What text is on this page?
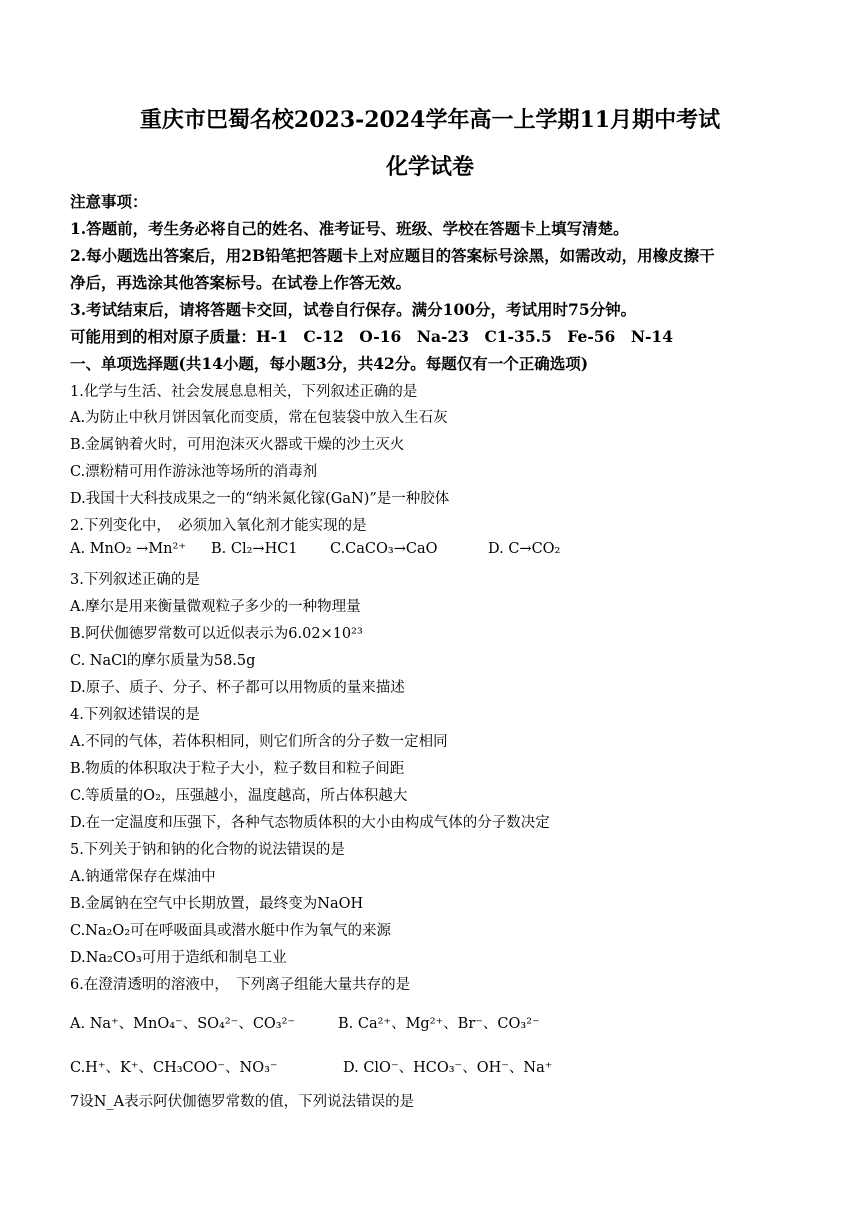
重庆市巴蜀名校2023-2024学年高一上学期11月期中考试
化学试卷
注意事项：
1.答题前，考生务必将自己的姓名、准考证号、班级、学校在答题卡上填写清楚。
2.每小题选出答案后，用2B铅笔把答题卡上对应题目的答案标号涂黑，如需改动，用橡皮擦干
净后，再选涂其他答案标号。在试卷上作答无效。
3.考试结束后，请将答题卡交回，试卷自行保存。满分100分，考试用时75分钟。
可能用到的相对原子质量：H-1　C-12　O-16　Na-23　C1-35.5　Fe-56　N-14
一、单项选择题(共14小题，每小题3分，共42分。每题仅有一个正确选项)
1.化学与生活、社会发展息息相关，下列叙述正确的是
A.为防止中秋月饼因氧化而变质，常在包装袋中放入生石灰
B.金属钠着火时，可用泡沫灭火器或干燥的沙土灭火
C.漂粉精可用作游泳池等场所的消毒剂
D.我国十大科技成果之一的“纳米氮化镓(GaN)”是一种胶体
2.下列变化中，　必须加入氧化剂才能实现的是
A. MnO₂ →Mn²⁺ B. Cl₂→HC1 C.CaCO₃→CaO	D. C→CO₂
3.下列叙述正确的是
A.摩尔是用来衡量微观粒子多少的一种物理量
B.阿伏伽德罗常数可以近似表示为6.02×10²³
C. NaCl的摩尔质量为58.5g
D.原子、质子、分子、杯子都可以用物质的量来描述
4.下列叙述错误的是
A.不同的气体，若体积相同，则它们所含的分子数一定相同
B.物质的体积取决于粒子大小，粒子数目和粒子间距
C.等质量的O₂，压强越小，温度越高，所占体积越大
D.在一定温度和压强下，各种气态物质体积的大小由构成气体的分子数决定
5.下列关于钠和钠的化合物的说法错误的是
A.钠通常保存在煤油中
B.金属钠在空气中长期放置，最终变为NaOH
C.Na₂O₂可在呼吸面具或潜水艇中作为氧气的来源
D.Na₂CO₃可用于造纸和制皂工业
6.在澄清透明的溶液中，　下列离子组能大量共存的是
A. Na⁺、MnO₄⁻、SO₄²⁻、CO₃²⁻	B. Ca²⁺、Mg²⁺、Br⁻、CO₃²⁻
C.H⁺、K⁺、CH₃COO⁻、NO₃⁻	D. ClO⁻、HCO₃⁻、OH⁻、Na⁺
7设N_A表示阿伏伽德罗常数的值，下列说法错误的是
